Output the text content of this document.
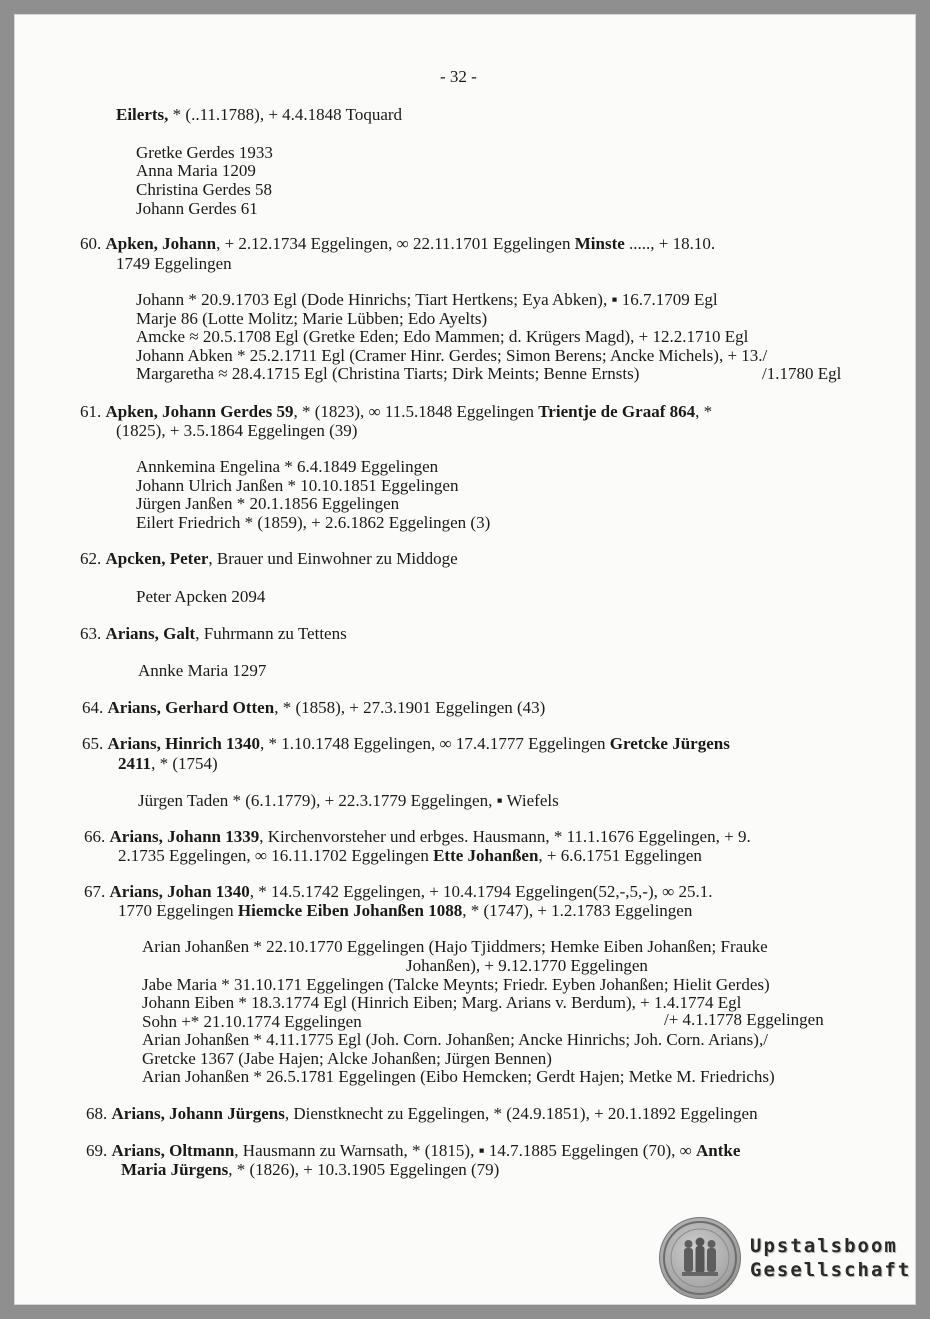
- 32 -
Eilerts, * (..11.1788), + 4.4.1848 Toquard
Gretke Gerdes 1933
Anna Maria 1209
Christina Gerdes 58
Johann Gerdes 61
60. Apken, Johann, + 2.12.1734 Eggelingen, ∞ 22.11.1701 Eggelingen Minste ....., + 18.10.
1749 Eggelingen
Johann * 20.9.1703 Egl (Dode Hinrichs; Tiart Hertkens; Eya Abken), ▪ 16.7.1709 Egl
Marje 86 (Lotte Molitz; Marie Lübben; Edo Ayelts)
Amcke ≈ 20.5.1708 Egl (Gretke Eden; Edo Mammen; d. Krügers Magd), + 12.2.1710 Egl
Johann Abken * 25.2.1711 Egl (Cramer Hinr. Gerdes; Simon Berens; Ancke Michels), + 13./
Margaretha ≈ 28.4.1715 Egl (Christina Tiarts; Dirk Meints; Benne Ernsts)	/1.1780 Egl
61. Apken, Johann Gerdes 59, * (1823), ∞ 11.5.1848 Eggelingen Trientje de Graaf 864, *
(1825), + 3.5.1864 Eggelingen (39)
Annkemina Engelina * 6.4.1849 Eggelingen
Johann Ulrich Janßen * 10.10.1851 Eggelingen
Jürgen Janßen * 20.1.1856 Eggelingen
Eilert Friedrich * (1859), + 2.6.1862 Eggelingen (3)
62. Apcken, Peter, Brauer und Einwohner zu Middoge
Peter Apcken 2094
63. Arians, Galt, Fuhrmann zu Tettens
Annke Maria 1297
64. Arians, Gerhard Otten, * (1858), + 27.3.1901 Eggelingen (43)
65. Arians, Hinrich 1340, * 1.10.1748 Eggelingen, ∞ 17.4.1777 Eggelingen Gretcke Jürgens
2411, * (1754)
Jürgen Taden * (6.1.1779), + 22.3.1779 Eggelingen, ▪ Wiefels
66. Arians, Johann 1339, Kirchenvorsteher und erbges. Hausmann, * 11.1.1676 Eggelingen, + 9.
2.1735 Eggelingen, ∞ 16.11.1702 Eggelingen Ette Johanßen, + 6.6.1751 Eggelingen
67. Arians, Johan 1340, * 14.5.1742 Eggelingen, + 10.4.1794 Eggelingen(52,-,5,-), ∞ 25.1.
1770 Eggelingen Hiemcke Eiben Johanßen 1088, * (1747), + 1.2.1783 Eggelingen
Arian Johanßen * 22.10.1770 Eggelingen (Hajo Tjiddmers; Hemke Eiben Johanßen; Frauke
Johanßen), + 9.12.1770 Eggelingen
Jabe Maria * 31.10.171 Eggelingen (Talcke Meynts; Friedr. Eyben Johanßen; Hielit Gerdes)
Johann Eiben * 18.3.1774 Egl (Hinrich Eiben; Marg. Arians v. Berdum), + 1.4.1774 Egl
Sohn +* 21.10.1774 Eggelingen	/+ 4.1.1778 Eggelingen
Arian Johanßen * 4.11.1775 Egl (Joh. Corn. Johanßen; Ancke Hinrichs; Joh. Corn. Arians),/
Gretcke 1367 (Jabe Hajen; Alcke Johanßen; Jürgen Bennen)
Arian Johanßen * 26.5.1781 Eggelingen (Eibo Hemcken; Gerdt Hajen; Metke M. Friedrichs)
68. Arians, Johann Jürgens, Dienstknecht zu Eggelingen, * (24.9.1851), + 20.1.1892 Eggelingen
69. Arians, Oltmann, Hausmann zu Warnsath, * (1815), ▪ 14.7.1885 Eggelingen (70), ∞ Antke
Maria Jürgens, * (1826), + 10.3.1905 Eggelingen (79)
Upstalsboom
Gesellschaft
